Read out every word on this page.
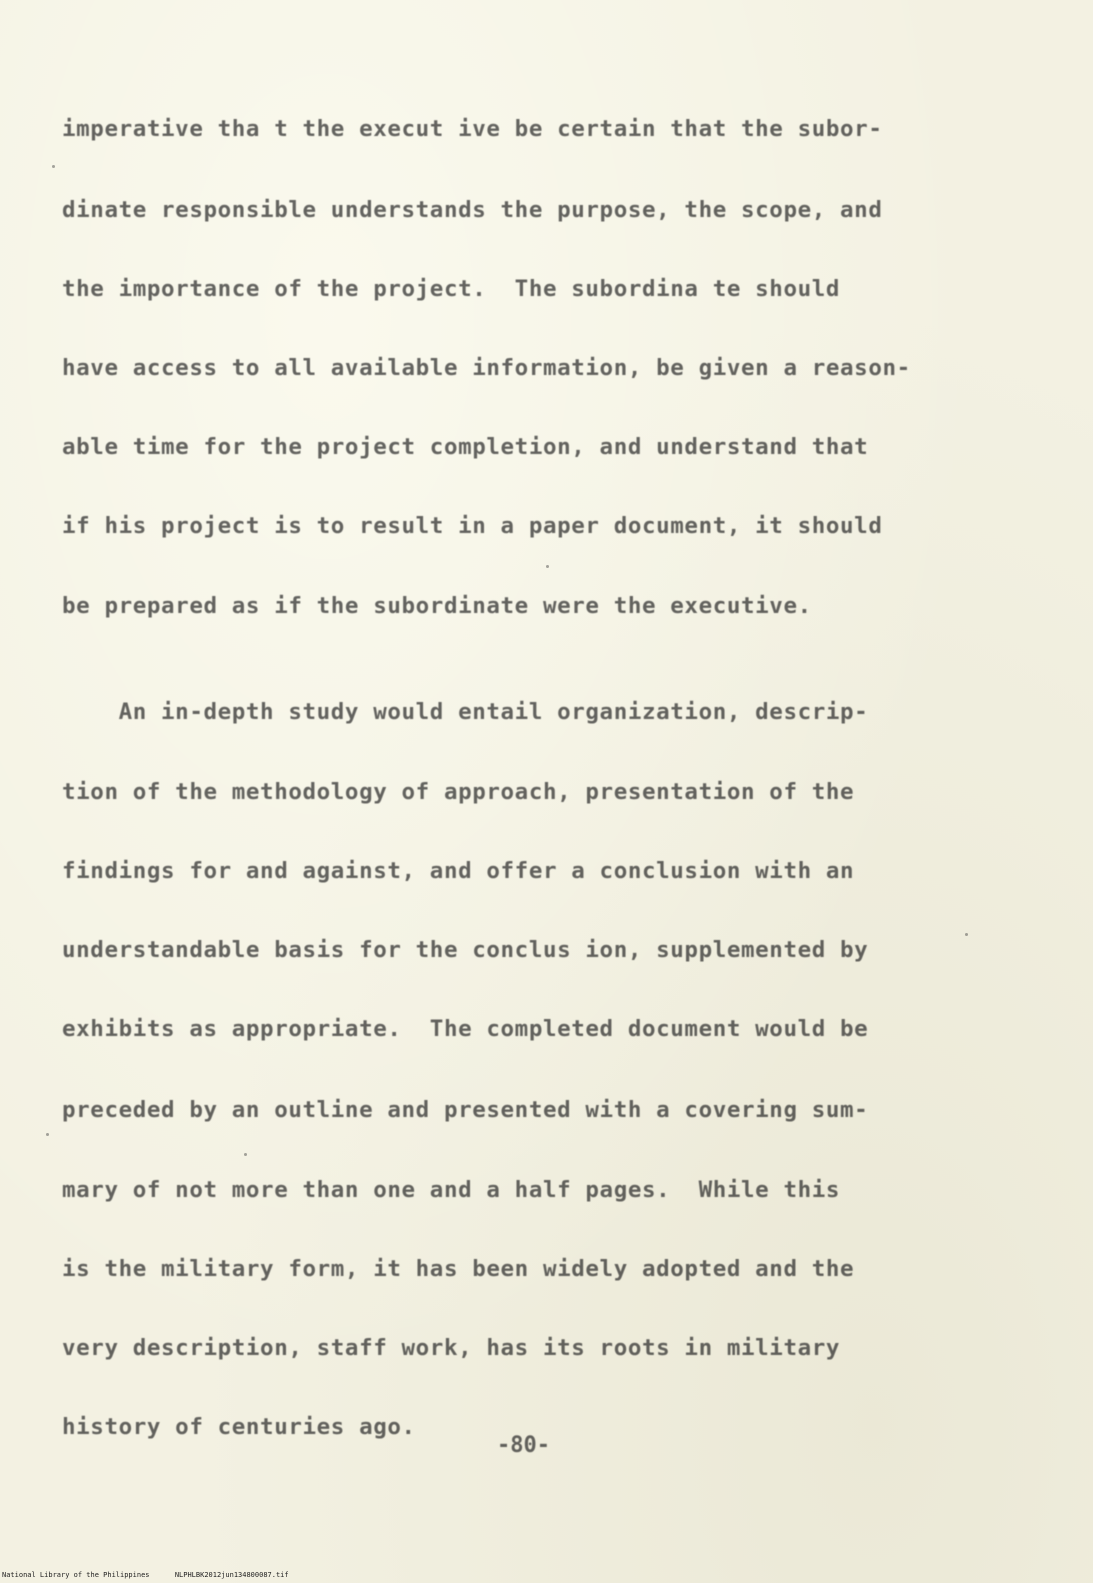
imperative tha t the execut ive be certain that the subor-

dinate responsible understands the purpose, the scope, and

the importance of the project.  The subordina te should

have access to all available information, be given a reason-

able time for the project completion, and understand that

if his project is to result in a paper document, it should

be prepared as if the subordinate were the executive.

An in-depth study would entail organization, descrip-

tion of the methodology of approach, presentation of the

findings for and against, and offer a conclusion with an

understandable basis for the conclus ion, supplemented by

exhibits as appropriate.  The completed document would be

preceded by an outline and presented with a covering sum-

mary of not more than one and a half pages.  While this

is the military form, it has been widely adopted and the

very description, staff work, has its roots in military

history of centuries ago.

-80-

National Library of the Philippines	NLPHLBK2012jun134800087.tif
